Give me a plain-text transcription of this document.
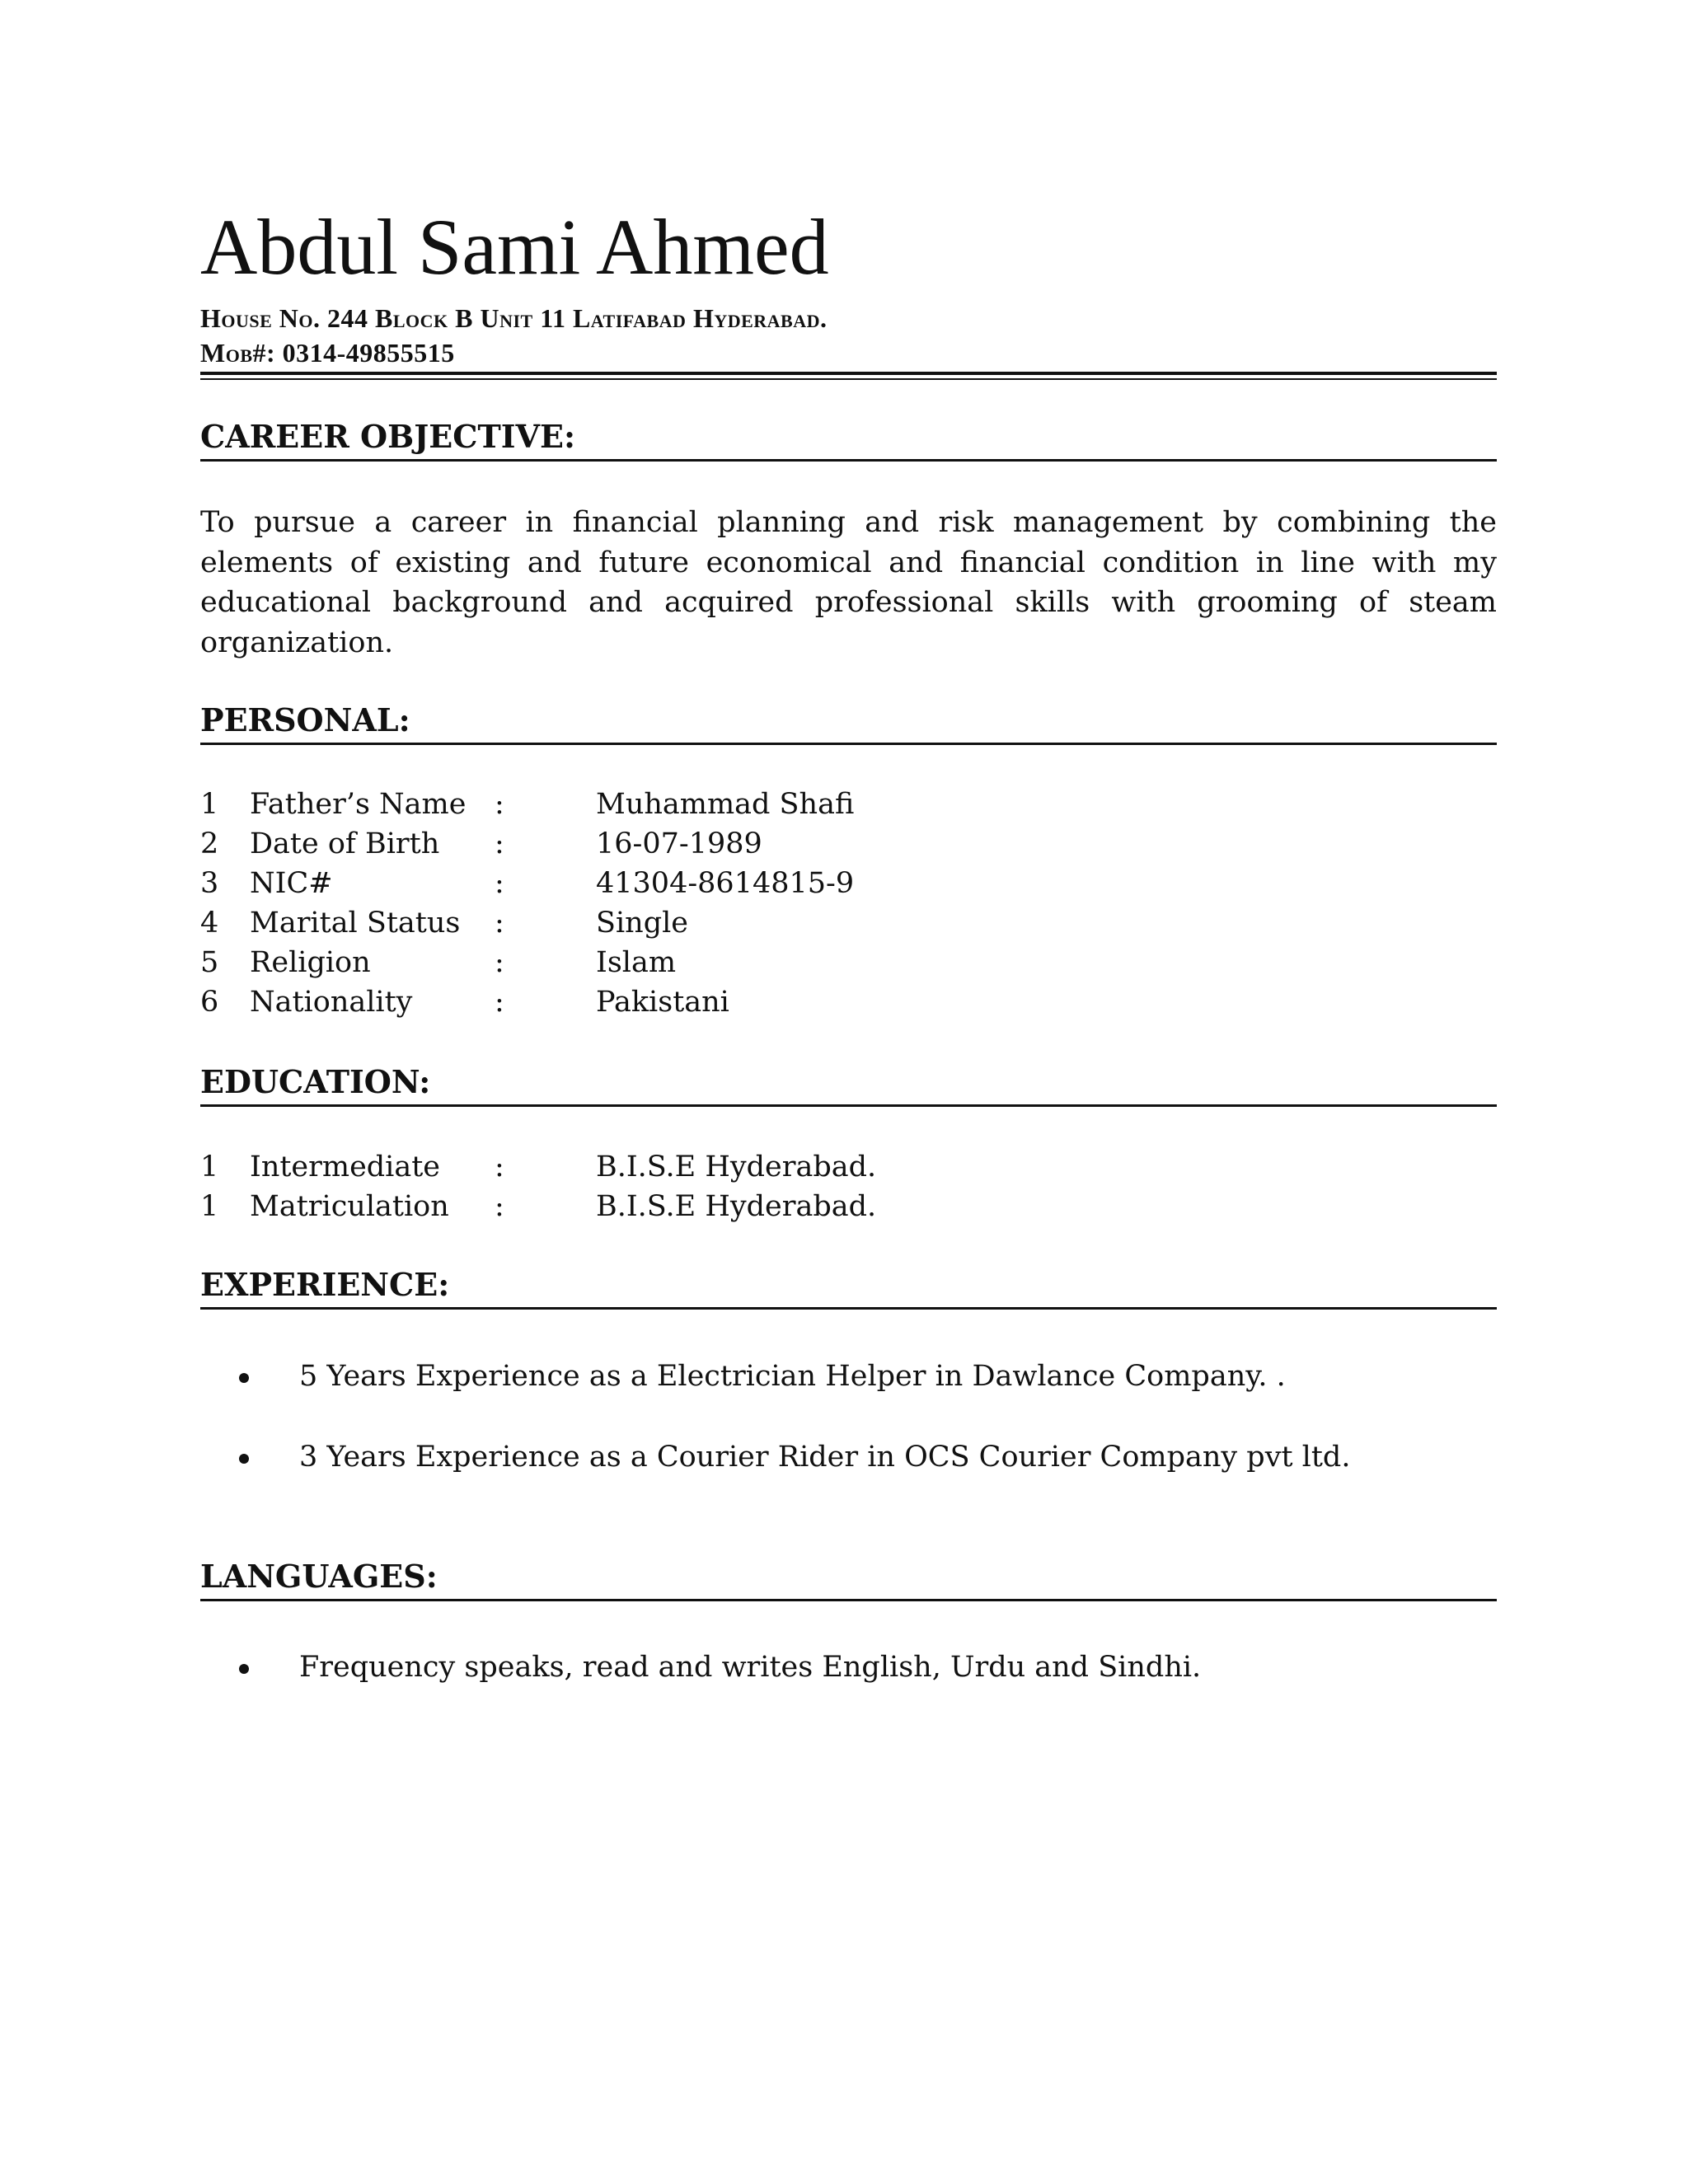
Abdul Sami Ahmed
House No. 244 Block B Unit 11 Latifabad Hyderabad.
Mob#: 0314-49855515
CAREER OBJECTIVE:

To pursue a career in financial planning and risk management by combining the elements of existing and future economical and financial condition in line with my educational background and acquired professional skills with grooming of steam organization.

PERSONAL:
1 Father’s Name :	Muhammad Shafi
2 Date of Birth :	16-07-1989
3 NIC#	:	41304-8614815-9
4 Marital Status :	Single
5 Religion	:	Islam
6 Nationality	:	Pakistani
EDUCATION:
1 Intermediate :	B.I.S.E Hyderabad.
1 Matriculation :	B.I.S.E Hyderabad.
EXPERIENCE:
5 Years Experience as a Electrician Helper in Dawlance Company. .
3 Years Experience as a Courier Rider in OCS Courier Company pvt ltd.
LANGUAGES:
Frequency speaks, read and writes English, Urdu and Sindhi.
